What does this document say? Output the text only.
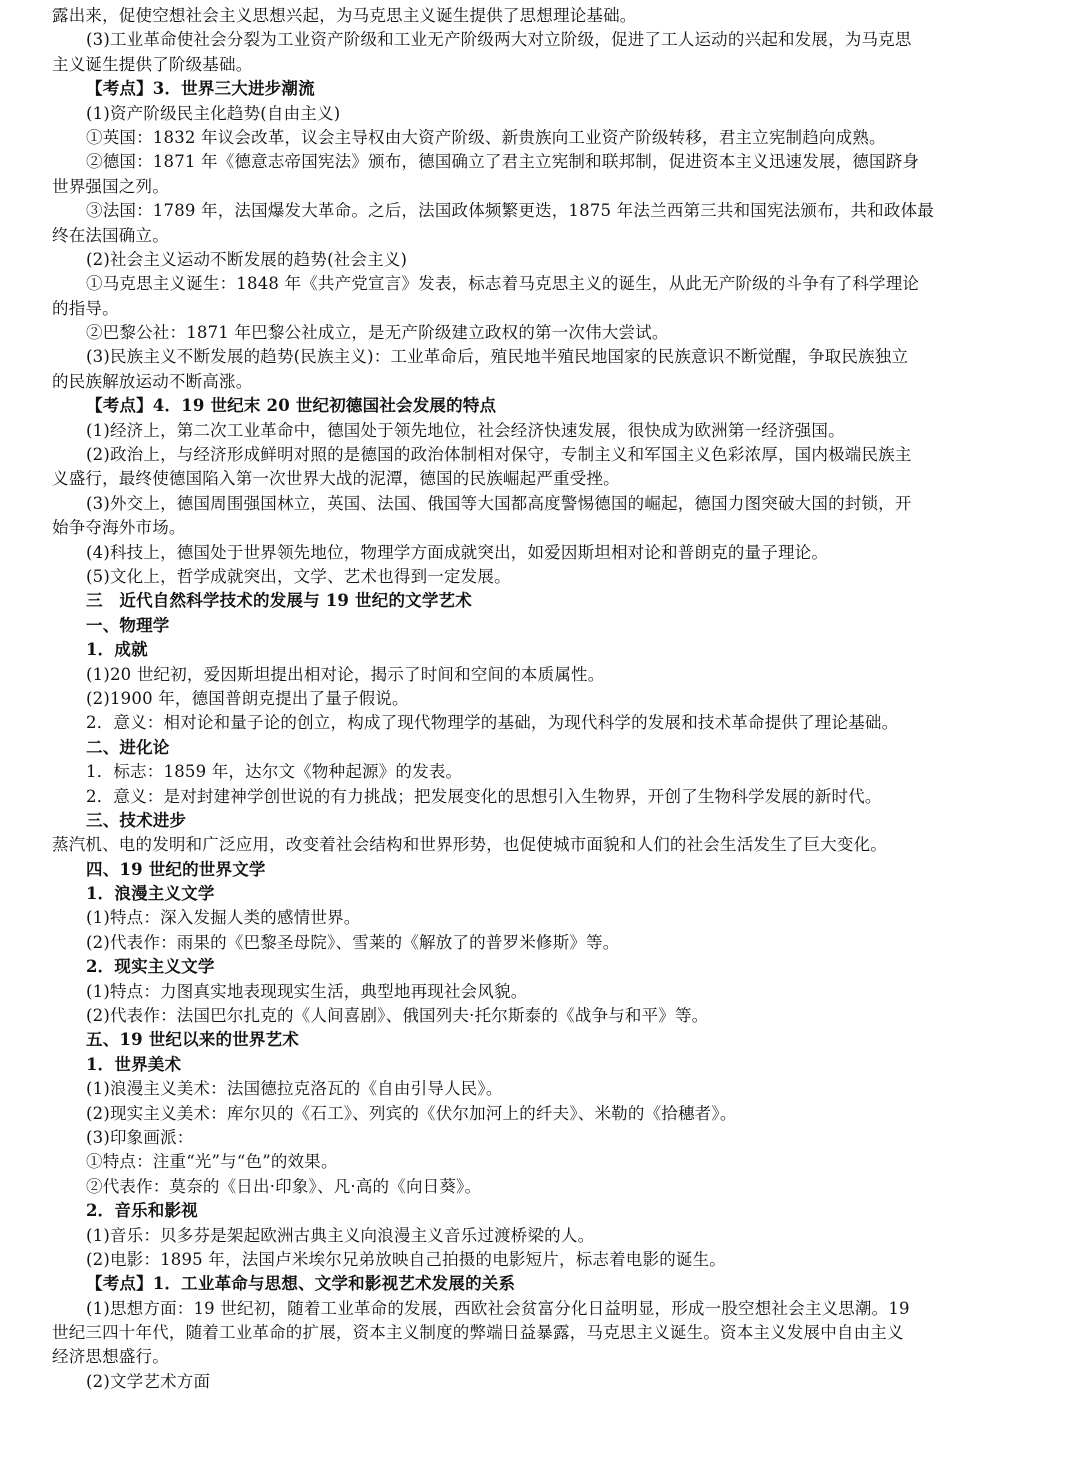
露出来，促使空想社会主义思想兴起，为马克思主义诞生提供了思想理论基础。
(3)工业革命使社会分裂为工业资产阶级和工业无产阶级两大对立阶级，促进了工人运动的兴起和发展，为马克思
主义诞生提供了阶级基础。
【考点】3．世界三大进步潮流
(1)资产阶级民主化趋势(自由主义)
①英国：1832 年议会改革，议会主导权由大资产阶级、新贵族向工业资产阶级转移，君主立宪制趋向成熟。
②德国：1871 年《德意志帝国宪法》颁布，德国确立了君主立宪制和联邦制，促进资本主义迅速发展，德国跻身
世界强国之列。
③法国：1789 年，法国爆发大革命。之后，法国政体频繁更迭，1875 年法兰西第三共和国宪法颁布，共和政体最
终在法国确立。
(2)社会主义运动不断发展的趋势(社会主义)
①马克思主义诞生：1848 年《共产党宣言》发表，标志着马克思主义的诞生，从此无产阶级的斗争有了科学理论
的指导。
②巴黎公社：1871 年巴黎公社成立，是无产阶级建立政权的第一次伟大尝试。
(3)民族主义不断发展的趋势(民族主义)：工业革命后，殖民地半殖民地国家的民族意识不断觉醒，争取民族独立
的民族解放运动不断高涨。
【考点】4．19 世纪末 20 世纪初德国社会发展的特点
(1)经济上，第二次工业革命中，德国处于领先地位，社会经济快速发展，很快成为欧洲第一经济强国。
(2)政治上，与经济形成鲜明对照的是德国的政治体制相对保守，专制主义和军国主义色彩浓厚，国内极端民族主
义盛行，最终使德国陷入第一次世界大战的泥潭，德国的民族崛起严重受挫。
(3)外交上，德国周围强国林立，英国、法国、俄国等大国都高度警惕德国的崛起，德国力图突破大国的封锁，开
始争夺海外市场。
(4)科技上，德国处于世界领先地位，物理学方面成就突出，如爱因斯坦相对论和普朗克的量子理论。
(5)文化上，哲学成就突出，文学、艺术也得到一定发展。
三　近代自然科学技术的发展与 19 世纪的文学艺术
一、物理学
1．成就
(1)20 世纪初，爱因斯坦提出相对论，揭示了时间和空间的本质属性。
(2)1900 年，德国普朗克提出了量子假说。
2．意义：相对论和量子论的创立，构成了现代物理学的基础，为现代科学的发展和技术革命提供了理论基础。
二、进化论
1．标志：1859 年，达尔文《物种起源》的发表。
2．意义：是对封建神学创世说的有力挑战；把发展变化的思想引入生物界，开创了生物科学发展的新时代。
三、技术进步
蒸汽机、电的发明和广泛应用，改变着社会结构和世界形势，也促使城市面貌和人们的社会生活发生了巨大变化。
四、19 世纪的世界文学
1．浪漫主义文学
(1)特点：深入发掘人类的感情世界。
(2)代表作：雨果的《巴黎圣母院》、雪莱的《解放了的普罗米修斯》等。
2．现实主义文学
(1)特点：力图真实地表现现实生活，典型地再现社会风貌。
(2)代表作：法国巴尔扎克的《人间喜剧》、俄国列夫·托尔斯泰的《战争与和平》等。
五、19 世纪以来的世界艺术
1．世界美术
(1)浪漫主义美术：法国德拉克洛瓦的《自由引导人民》。
(2)现实主义美术：库尔贝的《石工》、列宾的《伏尔加河上的纤夫》、米勒的《拾穗者》。
(3)印象画派：
①特点：注重“光”与“色”的效果。
②代表作：莫奈的《日出·印象》、凡·高的《向日葵》。
2．音乐和影视
(1)音乐：贝多芬是架起欧洲古典主义向浪漫主义音乐过渡桥梁的人。
(2)电影：1895 年，法国卢米埃尔兄弟放映自己拍摄的电影短片，标志着电影的诞生。
【考点】1．工业革命与思想、文学和影视艺术发展的关系
(1)思想方面：19 世纪初，随着工业革命的发展，西欧社会贫富分化日益明显，形成一股空想社会主义思潮。19
世纪三四十年代，随着工业革命的扩展，资本主义制度的弊端日益暴露，马克思主义诞生。资本主义发展中自由主义
经济思想盛行。
(2)文学艺术方面
